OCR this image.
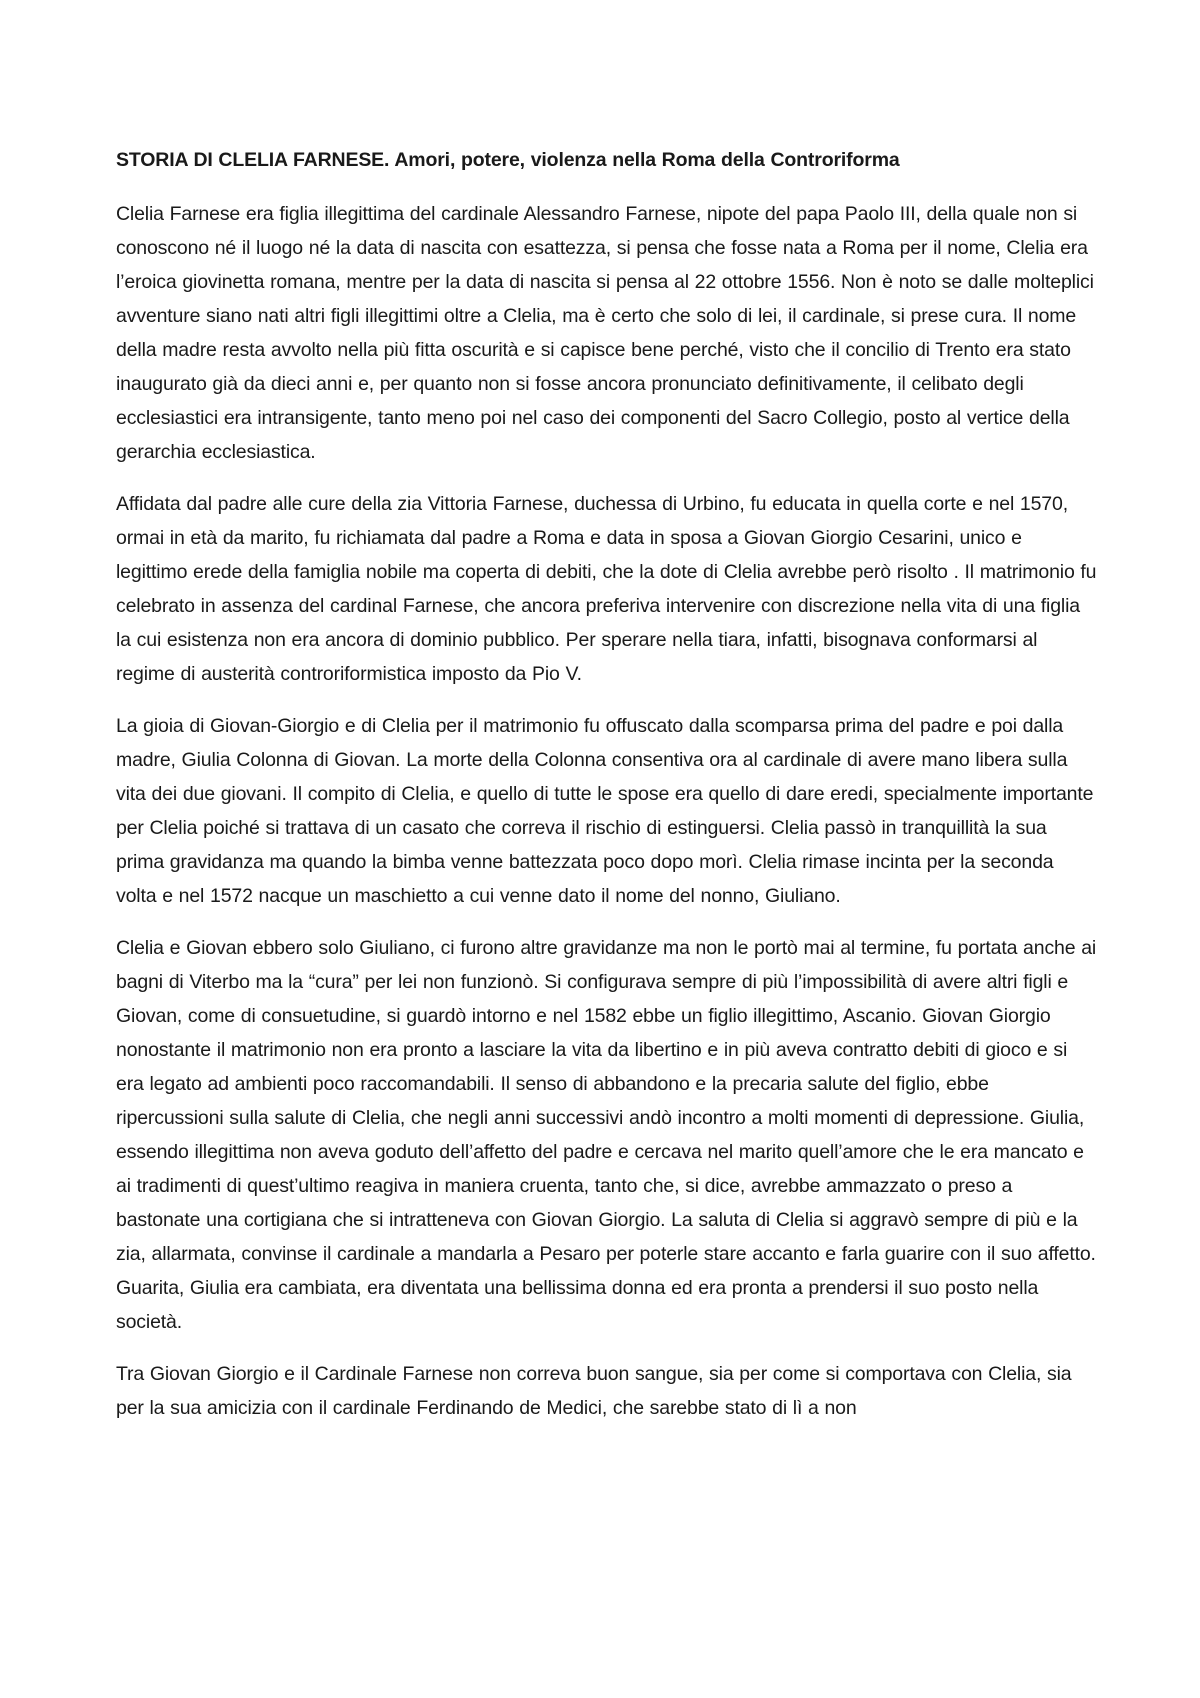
STORIA DI CLELIA FARNESE. Amori, potere, violenza nella Roma della Controriforma

Clelia Farnese era figlia illegittima del cardinale Alessandro Farnese, nipote del papa Paolo III, della quale non si conoscono né il luogo né la data di nascita con esattezza, si pensa che fosse nata a Roma per il nome, Clelia era l’eroica giovinetta romana, mentre per la data di nascita si pensa al 22 ottobre 1556. Non è noto se dalle molteplici avventure siano nati altri figli illegittimi oltre a Clelia, ma è certo che solo di lei, il cardinale, si prese cura. Il nome della madre resta avvolto nella più fitta oscurità e si capisce bene perché, visto che il concilio di Trento era stato inaugurato già da dieci anni e, per quanto non si fosse ancora pronunciato definitivamente, il celibato degli ecclesiastici era intransigente, tanto meno poi nel caso dei componenti del Sacro Collegio, posto al vertice della gerarchia ecclesiastica.

Affidata dal padre alle cure della zia Vittoria Farnese, duchessa di Urbino, fu educata in quella corte e nel 1570, ormai in età da marito, fu richiamata dal padre a Roma e data in sposa a Giovan Giorgio Cesarini, unico e legittimo erede della famiglia nobile ma coperta di debiti, che la dote di Clelia avrebbe però risolto . Il matrimonio fu celebrato in assenza del cardinal Farnese, che ancora preferiva intervenire con discrezione nella vita di una figlia la cui esistenza non era ancora di dominio pubblico. Per sperare nella tiara, infatti, bisognava conformarsi al regime di austerità controriformistica imposto da Pio V.

La gioia di Giovan-Giorgio e di Clelia per il matrimonio fu offuscato dalla scomparsa prima del padre e poi dalla madre, Giulia Colonna di Giovan. La morte della Colonna consentiva ora al cardinale di avere mano libera sulla vita dei due giovani. Il compito di Clelia, e quello di tutte le spose era quello di dare eredi, specialmente importante per Clelia poiché si trattava di un casato che correva il rischio di estinguersi. Clelia passò in tranquillità la sua prima gravidanza ma quando la bimba venne battezzata poco dopo morì. Clelia rimase incinta per la seconda volta e nel 1572 nacque un maschietto a cui venne dato il nome del nonno, Giuliano.

Clelia e Giovan ebbero solo Giuliano, ci furono altre gravidanze ma non le portò mai al termine, fu portata anche ai bagni di Viterbo ma la “cura” per lei non funzionò. Si configurava sempre di più l’impossibilità di avere altri figli e Giovan, come di consuetudine, si guardò intorno e nel 1582 ebbe un figlio illegittimo, Ascanio. Giovan Giorgio nonostante il matrimonio non era pronto a lasciare la vita da libertino e in più aveva contratto debiti di gioco e si era legato ad ambienti poco raccomandabili. Il senso di abbandono e la precaria salute del figlio, ebbe ripercussioni sulla salute di Clelia, che negli anni successivi andò incontro a molti momenti di depressione. Giulia, essendo illegittima non aveva goduto dell’affetto del padre e cercava nel marito quell’amore che le era mancato e ai tradimenti di quest’ultimo reagiva in maniera cruenta, tanto che, si dice, avrebbe ammazzato o preso a bastonate una cortigiana che si intratteneva con Giovan Giorgio. La saluta di Clelia si aggravò sempre di più e la zia, allarmata, convinse il cardinale a mandarla a Pesaro per poterle stare accanto e farla guarire con il suo affetto. Guarita, Giulia era cambiata, era diventata una bellissima donna ed era pronta a prendersi il suo posto nella società.

Tra Giovan Giorgio e il Cardinale Farnese non correva buon sangue, sia per come si comportava con Clelia, sia per la sua amicizia con il cardinale Ferdinando de Medici, che sarebbe stato di lì a non
